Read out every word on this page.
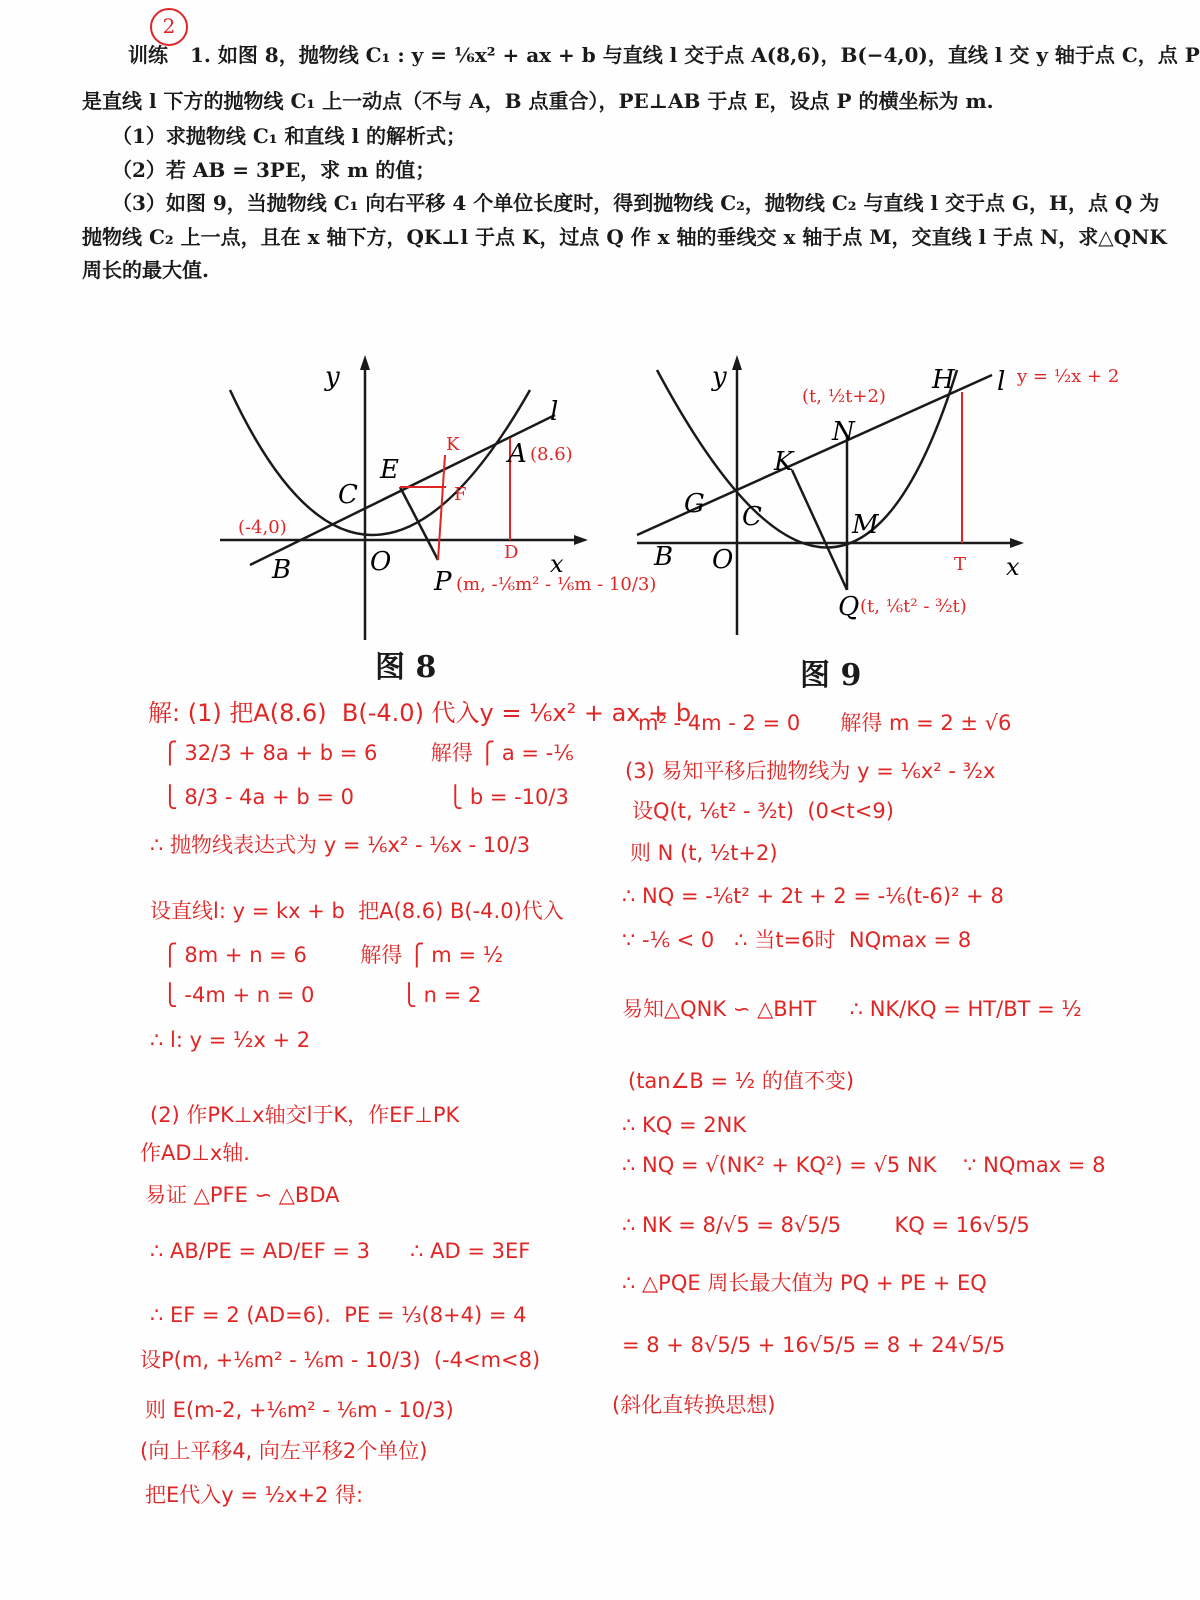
2
训练 1. 如图 8，抛物线 C₁ : y = ¹⁄₆x² + ax + b 与直线 l 交于点 A(8,6)，B(−4,0)，直线 l 交 y 轴于点 C，点 P
是直线 l 下方的抛物线 C₁ 上一动点（不与 A，B 点重合），PE⊥AB 于点 E，设点 P 的横坐标为 m.
（1）求抛物线 C₁ 和直线 l 的解析式；
（2）若 AB = 3PE，求 m 的值；
（3）如图 9，当抛物线 C₁ 向右平移 4 个单位长度时，得到抛物线 C₂，抛物线 C₂ 与直线 l 交于点 G，H，点 Q 为
抛物线 C₂ 上一点，且在 x 轴下方，QK⊥l 于点 K，过点 Q 作 x 轴的垂线交 x 轴于点 M，交直线 l 于点 N，求△QNK
周长的最大值.
y
x
l
C
E
O
B	P
A
K
F
D
(-4,0)
(8.6)
(m, -⅙m² - ⅙m - 10/3)
图 8
y
x
l
H
N
K
G C	M
B O
Q
T
y = ½x + 2
(t, ½t+2)
(t, ⅙t² - ³⁄₂t)
图 9
解: (1) 把A(8.6)  B(-4.0) 代入y = ⅙x² + ax + b
⎧ 32/3 + 8a + b = 6        解得 ⎧ a = -⅙
⎩ 8/3 - 4a + b = 0              ⎩ b = -10/3
∴ 抛物线表达式为 y = ⅙x² - ⅙x - 10/3
设直线l: y = kx + b  把A(8.6) B(-4.0)代入
⎧ 8m + n = 6        解得 ⎧ m = ½
⎩ -4m + n = 0             ⎩ n = 2
∴ l: y = ½x + 2
(2) 作PK⊥x轴交l于K，作EF⊥PK
作AD⊥x轴.
易证 △PFE ∽ △BDA
∴ AB/PE = AD/EF = 3      ∴ AD = 3EF
∴ EF = 2 (AD=6).  PE = ⅓(8+4) = 4
设P(m, +⅙m² - ⅙m - 10/3)  (-4<m<8)
则 E(m-2, +⅙m² - ⅙m - 10/3)
(向上平移4, 向左平移2个单位)
把E代入y = ½x+2 得:
m² - 4m - 2 = 0      解得 m = 2 ± √6
(3) 易知平移后抛物线为 y = ⅙x² - ³⁄₂x
设Q(t, ⅙t² - ³⁄₂t)  (0<t<9)
则 N (t, ½t+2)
∴ NQ = -⅙t² + 2t + 2 = -⅙(t-6)² + 8
∵ -⅙ < 0   ∴ 当t=6时  NQmax = 8
易知△QNK ∽ △BHT     ∴ NK/KQ = HT/BT = ½
(tan∠B = ½ 的值不变)
∴ KQ = 2NK
∴ NQ = √(NK² + KQ²) = √5 NK    ∵ NQmax = 8
∴ NK = 8/√5 = 8√5/5        KQ = 16√5/5
∴ △PQE 周长最大值为 PQ + PE + EQ
= 8 + 8√5/5 + 16√5/5 = 8 + 24√5/5
(斜化直转换思想)
